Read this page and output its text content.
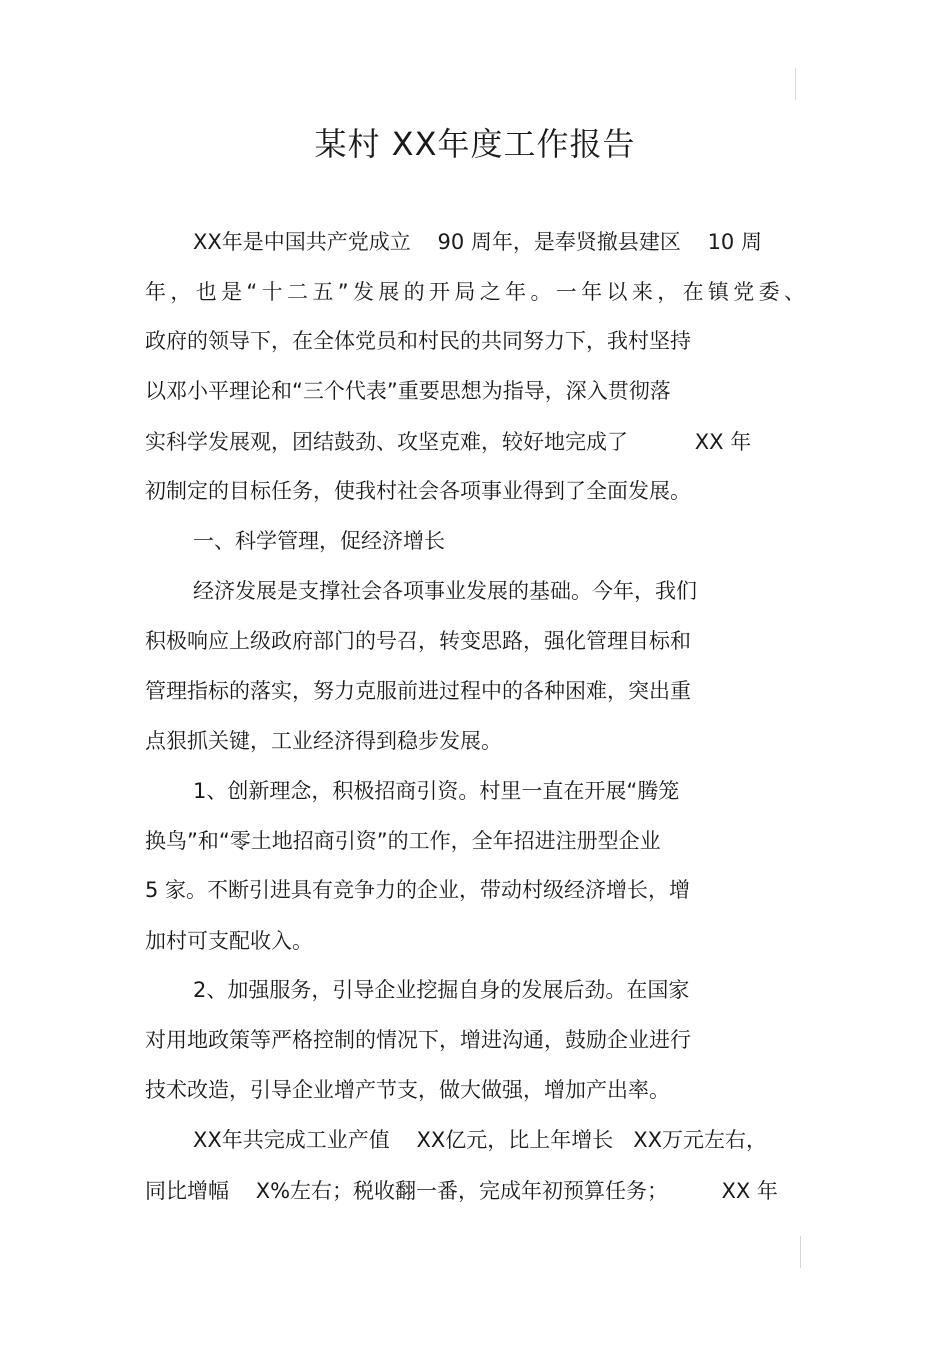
某村 XX年度工作报告
XX年是中国共产党成立    90 周年，是奉贤撤县建区    10 周
年，也是“十二五”发展的开局之年。一年以来，在镇党委、
政府的领导下，在全体党员和村民的共同努力下，我村坚持
以邓小平理论和“三个代表”重要思想为指导，深入贯彻落
实科学发展观，团结鼓劲、攻坚克难，较好地完成了          XX 年
初制定的目标任务，使我村社会各项事业得到了全面发展。
一、科学管理，促经济增长
经济发展是支撑社会各项事业发展的基础。今年，我们
积极响应上级政府部门的号召，转变思路，强化管理目标和
管理指标的落实，努力克服前进过程中的各种困难，突出重
点狠抓关键，工业经济得到稳步发展。
1、创新理念，积极招商引资。村里一直在开展“腾笼
换鸟”和“零土地招商引资”的工作，全年招进注册型企业
5 家。不断引进具有竞争力的企业，带动村级经济增长，增
加村可支配收入。
2、加强服务，引导企业挖掘自身的发展后劲。在国家
对用地政策等严格控制的情况下，增进沟通，鼓励企业进行
技术改造，引导企业增产节支，做大做强，增加产出率。
XX年共完成工业产值    XX亿元，比上年增长   XX万元左右，
同比增幅    X%左右；税收翻一番，完成年初预算任务；        XX 年
